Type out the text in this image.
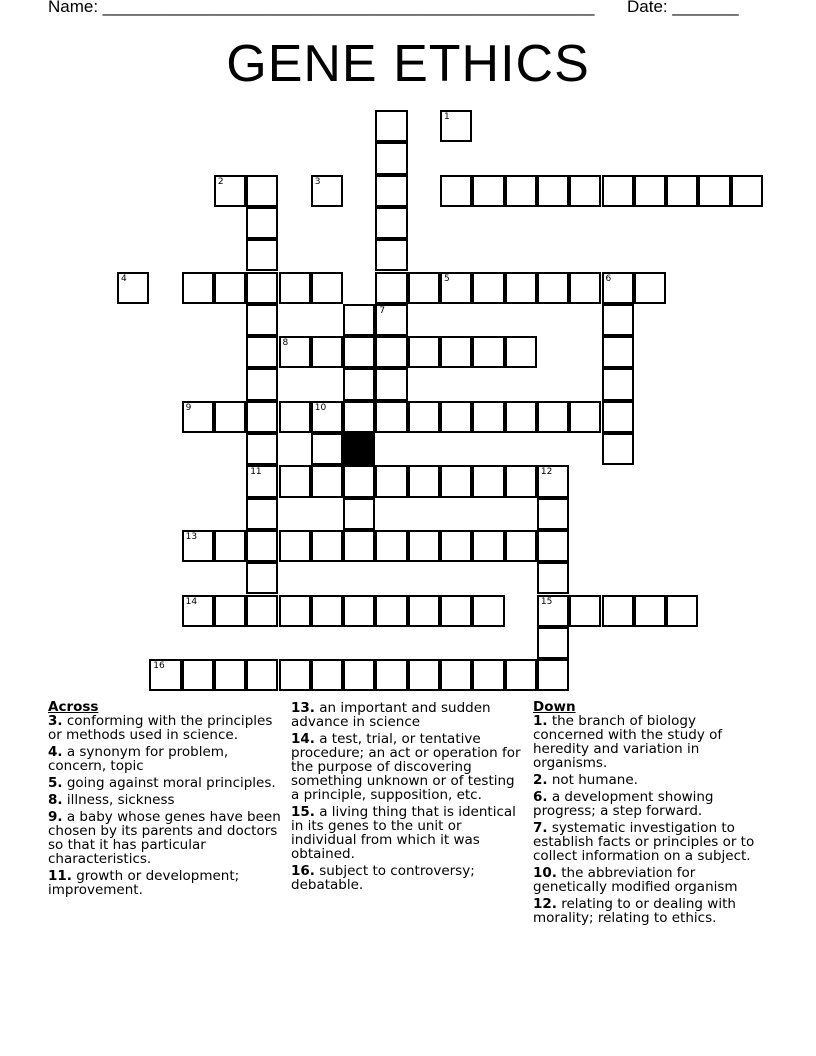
Name: ____________________________________________________ Date: _______
GENE ETHICS
7
11
5	6
8
9	10
12
15
13
14
16
1
2	3
4
Across
3. conforming with the principles or methods used in science.
4. a synonym for problem, concern, topic
5. going against moral principles.
8. illness, sickness
9. a baby whose genes have been chosen by its parents and doctors so that it has particular characteristics.
11. growth or development; improvement.
13. an important and sudden advance in science
14. a test, trial, or tentative procedure; an act or operation for the purpose of discovering something unknown or of testing a principle, supposition, etc.
15. a living thing that is identical in its genes to the unit or individual from which it was obtained.
16. subject to controversy; debatable.
Down
1. the branch of biology concerned with the study of heredity and variation in organisms.
2. not humane.
6. a development showing progress; a step forward.
7. systematic investigation to establish facts or principles or to collect information on a subject.
10. the abbreviation for genetically modified organism
12. relating to or dealing with morality; relating to ethics.
